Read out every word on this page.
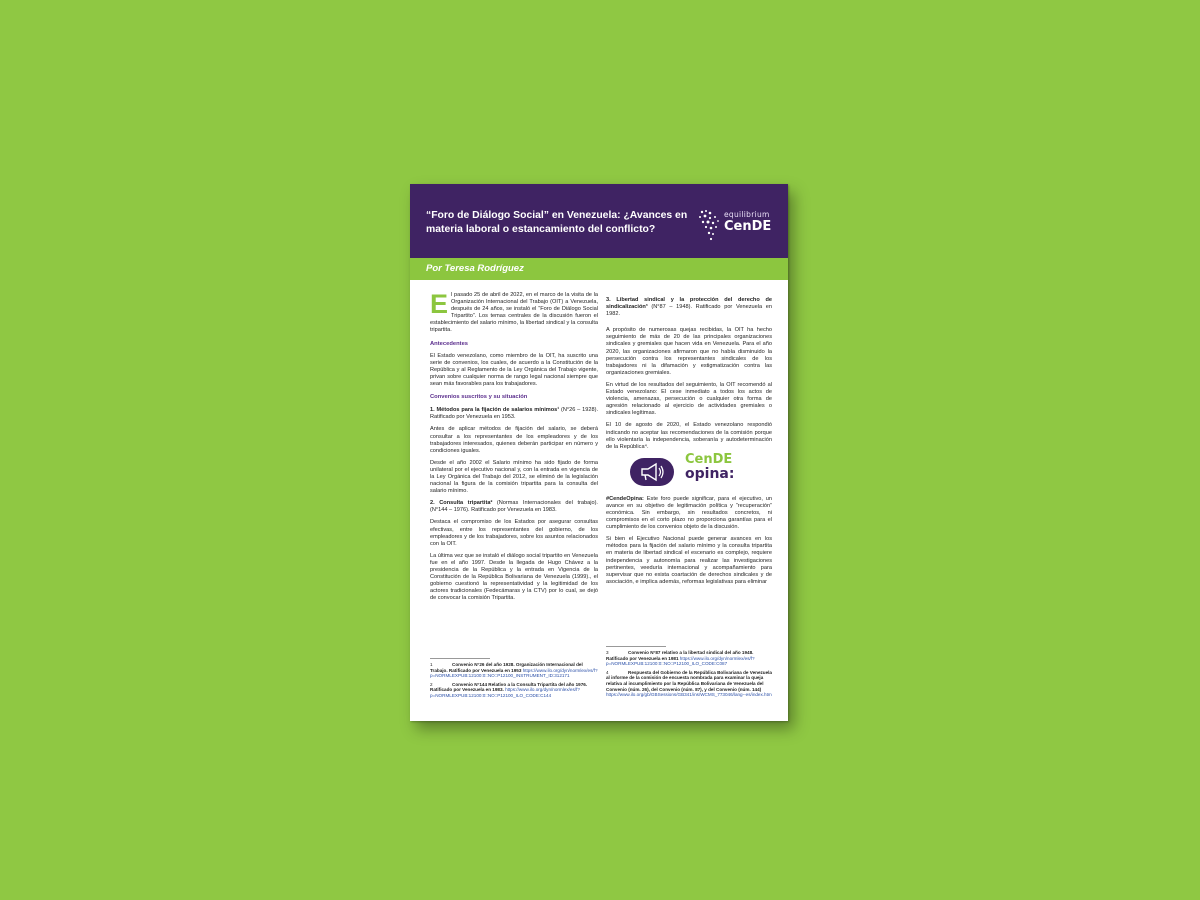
“Foro de Diálogo Social” en Venezuela: ¿Avances en materia laboral o estancamiento del conflicto?
equilibrium
CenDE
Por Teresa Rodríguez

El pasado 25 de abril de 2022, en el marco de la visita de la Organización Internacional del Trabajo (OIT) a Venezuela, después de 24 años, se instaló el “Foro de Diálogo Social Tripartito”. Los temas centrales de la discusión fueron el establecimiento del salario mínimo, la libertad sindical y la consulta tripartita.

Antecedentes

El Estado venezolano, como miembro de la OIT, ha suscrito una serie de convenios, los cuales, de acuerdo a la Constitución de la República y al Reglamento de la Ley Orgánica del Trabajo vigente, privan sobre cualquier norma de rango legal nacional siempre que sean más favorables para los trabajadores.

Convenios suscritos y su situación

1. Métodos para la fijación de salarios mínimos¹ (N°26 – 1928). Ratificado por Venezuela en 1953.

Antes de aplicar métodos de fijación del salario, se deberá consultar a los representantes de los empleadores y de los trabajadores interesados, quienes deberán participar en número y condiciones iguales.

Desde el año 2002 el Salario mínimo ha sido fijado de forma unilateral por el ejecutivo nacional y, con la entrada en vigencia de la Ley Orgánica del Trabajo del 2012, se eliminó de la legislación nacional la figura de la comisión tripartita para la consulta del salario mínimo.

2. Consulta tripartita² (Normas Internacionales del trabajo). (N°144 – 1976). Ratificado por Venezuela en 1983.

Destaca el compromiso de los Estados por asegurar consultas efectivas, entre los representantes del gobierno, de los empleadores y de los trabajadores, sobre los asuntos relacionados con la OIT.

La última vez que se instaló el diálogo social tripartito en Venezuela fue en el año 1997. Desde la llegada de Hugo Chávez a la presidencia de la República y la entrada en Vigencia de la Constitución de la República Bolivariana de Venezuela (1999)., el gobierno cuestionó la representatividad y la legitimidad de los actores tradicionales (Fedecámaras y la CTV) por lo cual, se dejó de convocar la comisión Tripartita.

3. Libertad sindical y la protección del derecho de sindicalización³ (N°87 – 1948). Ratificado por Venezuela en 1982.

A propósito de numerosas quejas recibidas, la OIT ha hecho seguimiento de más de 20 de las principales organizaciones sindicales y gremiales que hacen vida en Venezuela. Para el año 2020, las organizaciones afirmaron que no había disminuido la persecución contra los representantes sindicales de los trabajadores ni la difamación y estigmatización contra las organizaciones gremiales.

En virtud de los resultados del seguimiento, la OIT recomendó al Estado venezolano: El cese inmediato a todos los actos de violencia, amenazas, persecución o cualquier otra forma de agresión relacionado al ejercicio de actividades gremiales o sindicales legítimas.

El 10 de agosto de 2020, el Estado venezolano respondió indicando no aceptar las recomendaciones de la comisión porque ello violentaría la independencia, soberanía y autodeterminación de la República⁴.

CenDE
opina:

#CendeOpina: Este foro puede significar, para el ejecutivo, un avance en su objetivo de legitimación política y “recuperación” económica. Sin embargo, sin resultados concretos, ni compromisos en el corto plazo no proporciona garantías para el cumplimiento de los convenios objeto de la discusión.

Si bien el Ejecutivo Nacional puede generar avances en los métodos para la fijación del salario mínimo y la consulta tripartita en materia de libertad sindical el escenario es complejo, requiere independencia y autonomía para realizar las investigaciones pertinentes, veeduría internacional y acompañamiento para supervisar que no exista coartación de derechos sindicales y de asociación, e implica además, reformas legislativas para eliminar

1	Convenio N°26 del año 1928. Organización Internacional del Trabajo. Ratificado por Venezuela en 1953 https://www.ilo.org/dyn/normlex/es/f?p=NORMLEXPUB:12100:0::NO::P12100_INSTRUMENT_ID:312171
2	Convenio N°144 Relativo a la Consulta Tripartita del año 1976. Ratificado por Venezuela en 1983. https://www.ilo.org/dyn/normlex/es/f?p=NORMLEXPUB:12100:0::NO::P12100_ILO_CODE:C144
3	Convenio N°87 relativo a la libertad sindical del año 1948. Ratificado por Venezuela en 1981 https://www.ilo.org/dyn/normlex/es/f?p=NORMLEXPUB:12100:0::NO::P12100_ILO_CODE:C087
4	Respuesta del Gobierno de la República Bolivariana de Venezuela al informe de la comisión de encuesta nombrada para examinar la queja relativa al incumplimiento por la República Bolivariana de Venezuela del Convenio (núm. 26), del Convenio (núm. 87), y del Convenio (núm. 144) https://www.ilo.org/gb/GBSessions/GB341/ins/WCMS_773046/lang--es/index.htm
